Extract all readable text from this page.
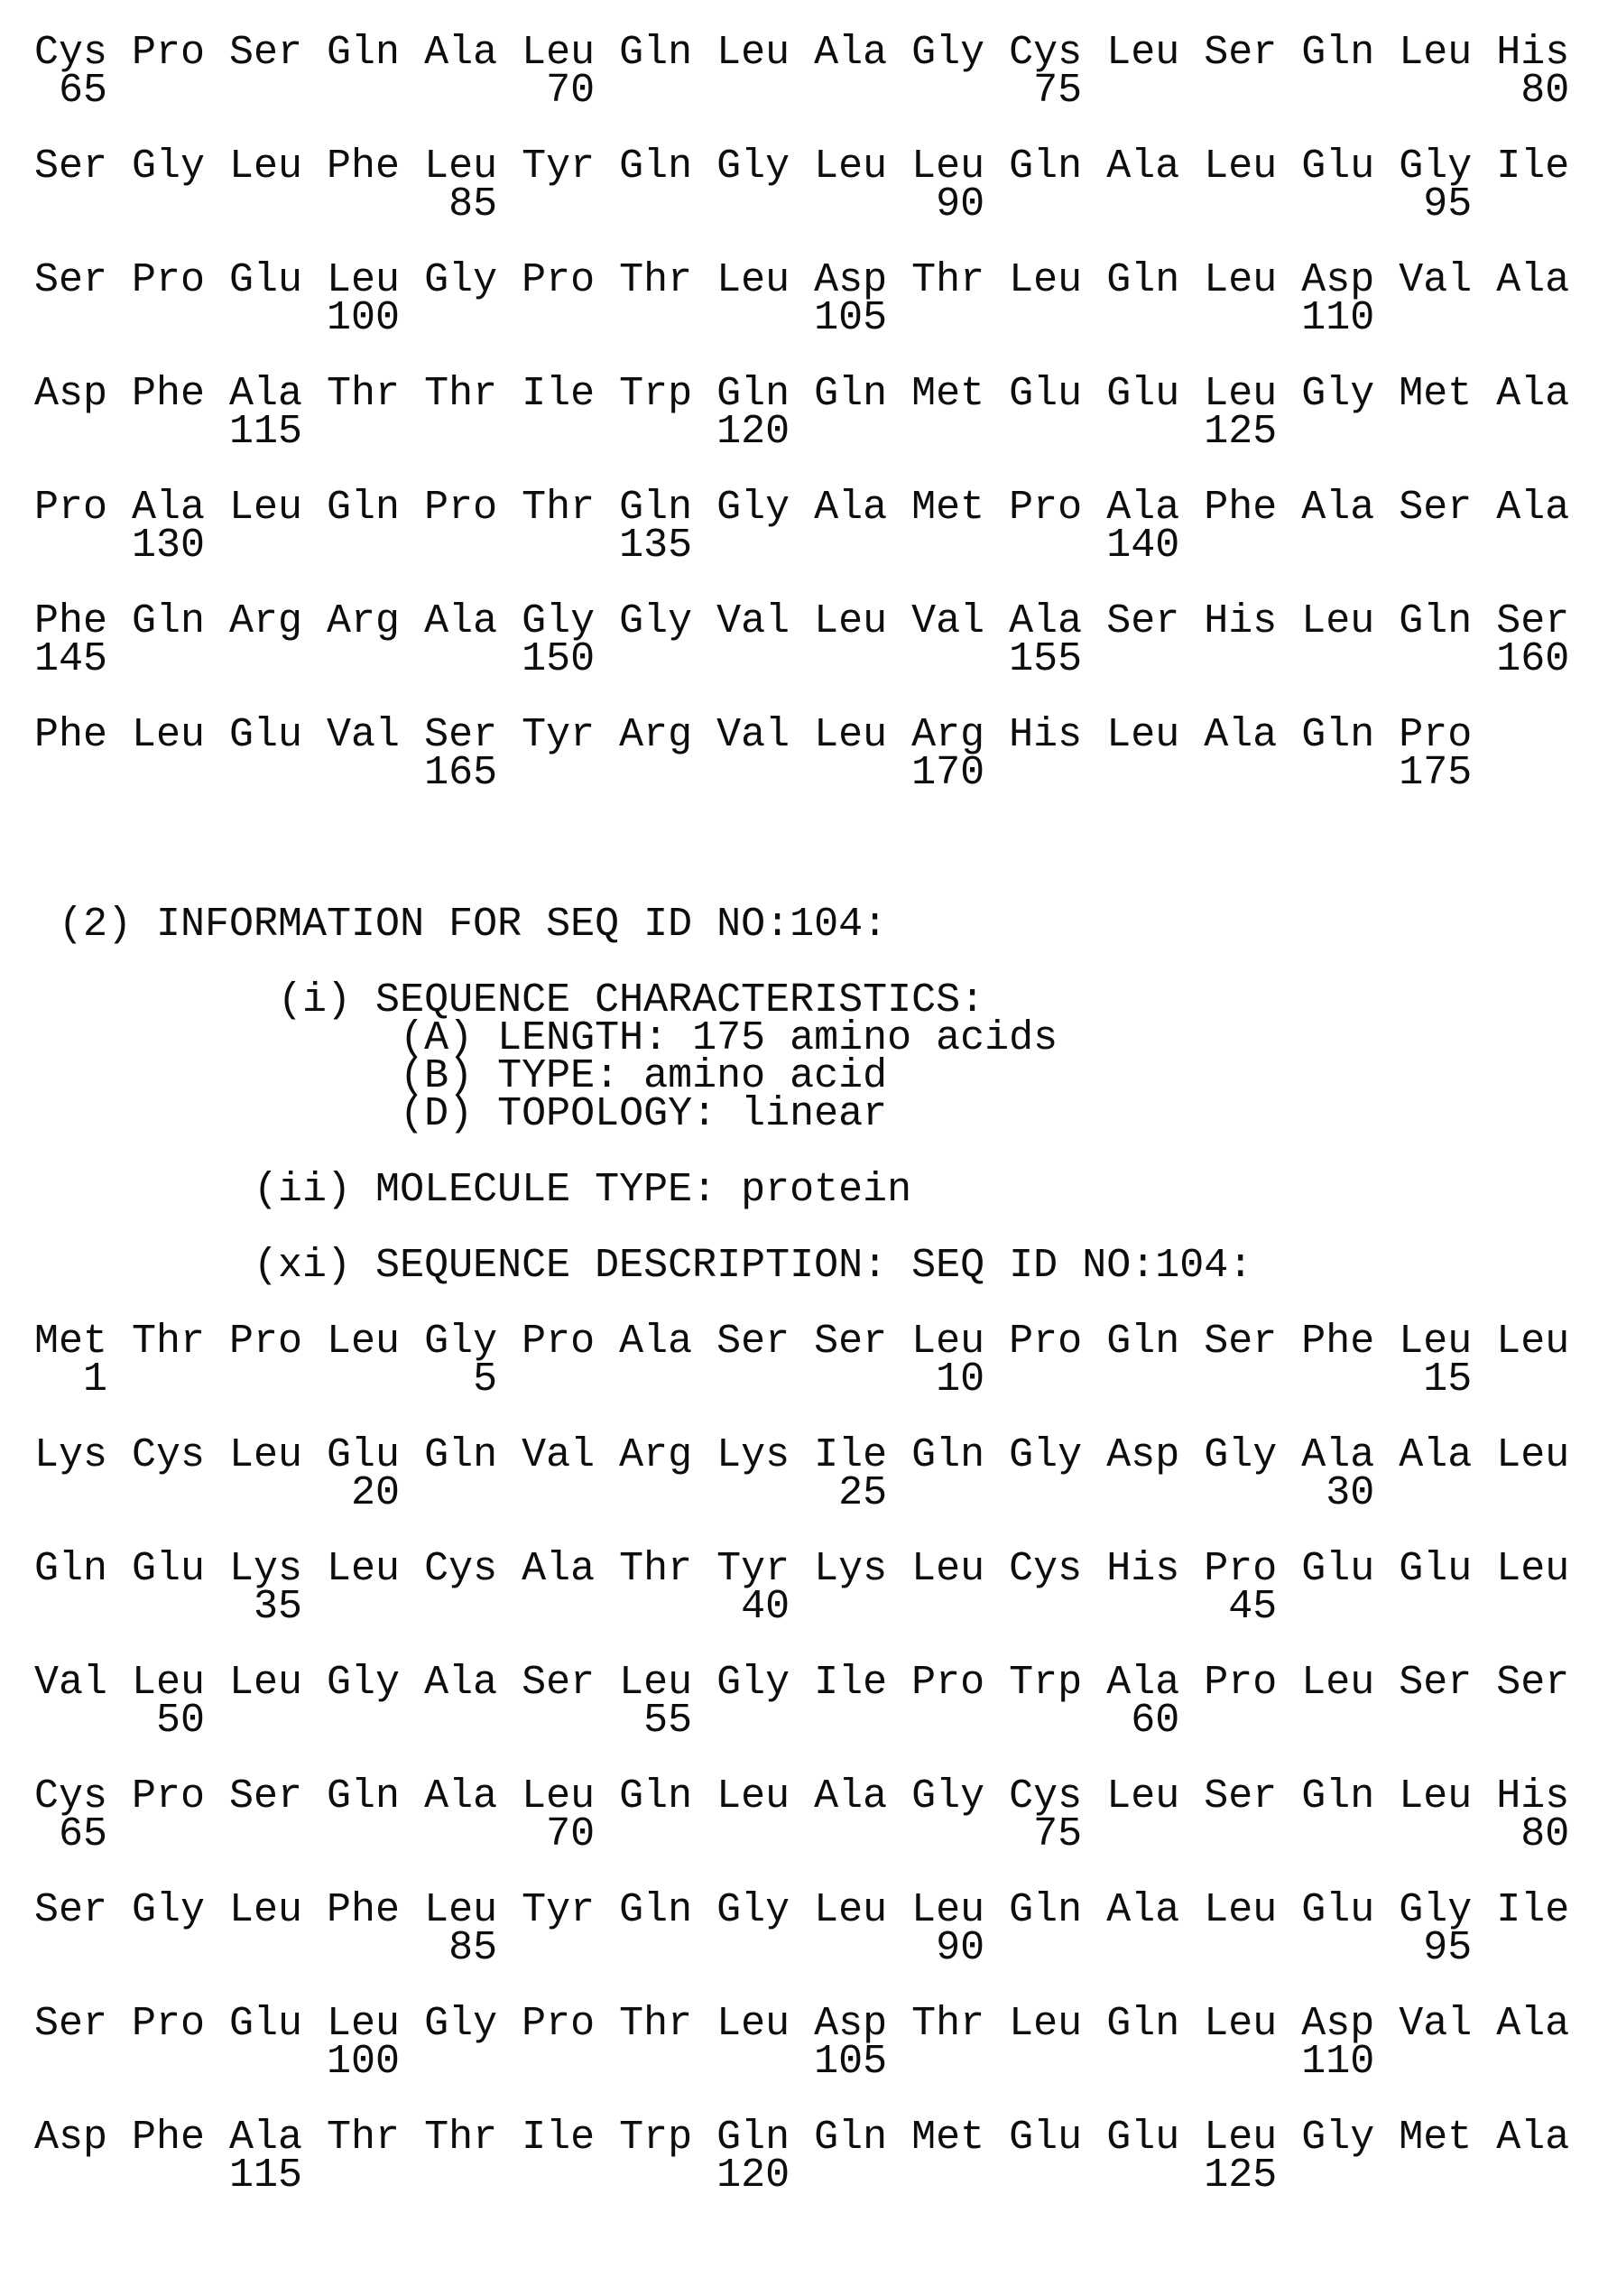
Cys Pro Ser Gln Ala Leu Gln Leu Ala Gly Cys Leu Ser Gln Leu His
65                  70                  75                  80
Ser Gly Leu Phe Leu Tyr Gln Gly Leu Leu Gln Ala Leu Glu Gly Ile
85                  90                  95
Ser Pro Glu Leu Gly Pro Thr Leu Asp Thr Leu Gln Leu Asp Val Ala
100                 105                 110
Asp Phe Ala Thr Thr Ile Trp Gln Gln Met Glu Glu Leu Gly Met Ala
115                 120                 125
Pro Ala Leu Gln Pro Thr Gln Gly Ala Met Pro Ala Phe Ala Ser Ala
130                 135                 140
Phe Gln Arg Arg Ala Gly Gly Val Leu Val Ala Ser His Leu Gln Ser
145                 150                 155                 160
Phe Leu Glu Val Ser Tyr Arg Val Leu Arg His Leu Ala Gln Pro
165                 170                 175
(2) INFORMATION FOR SEQ ID NO:104:
(i) SEQUENCE CHARACTERISTICS:
(A) LENGTH: 175 amino acids
(B) TYPE: amino acid
(D) TOPOLOGY: linear
(ii) MOLECULE TYPE: protein
(xi) SEQUENCE DESCRIPTION: SEQ ID NO:104:
Met Thr Pro Leu Gly Pro Ala Ser Ser Leu Pro Gln Ser Phe Leu Leu
1               5                  10                  15
Lys Cys Leu Glu Gln Val Arg Lys Ile Gln Gly Asp Gly Ala Ala Leu
20                  25                  30
Gln Glu Lys Leu Cys Ala Thr Tyr Lys Leu Cys His Pro Glu Glu Leu
35                  40                  45
Val Leu Leu Gly Ala Ser Leu Gly Ile Pro Trp Ala Pro Leu Ser Ser
50                  55                  60
Cys Pro Ser Gln Ala Leu Gln Leu Ala Gly Cys Leu Ser Gln Leu His
65                  70                  75                  80
Ser Gly Leu Phe Leu Tyr Gln Gly Leu Leu Gln Ala Leu Glu Gly Ile
85                  90                  95
Ser Pro Glu Leu Gly Pro Thr Leu Asp Thr Leu Gln Leu Asp Val Ala
100                 105                 110
Asp Phe Ala Thr Thr Ile Trp Gln Gln Met Glu Glu Leu Gly Met Ala
115                 120                 125
